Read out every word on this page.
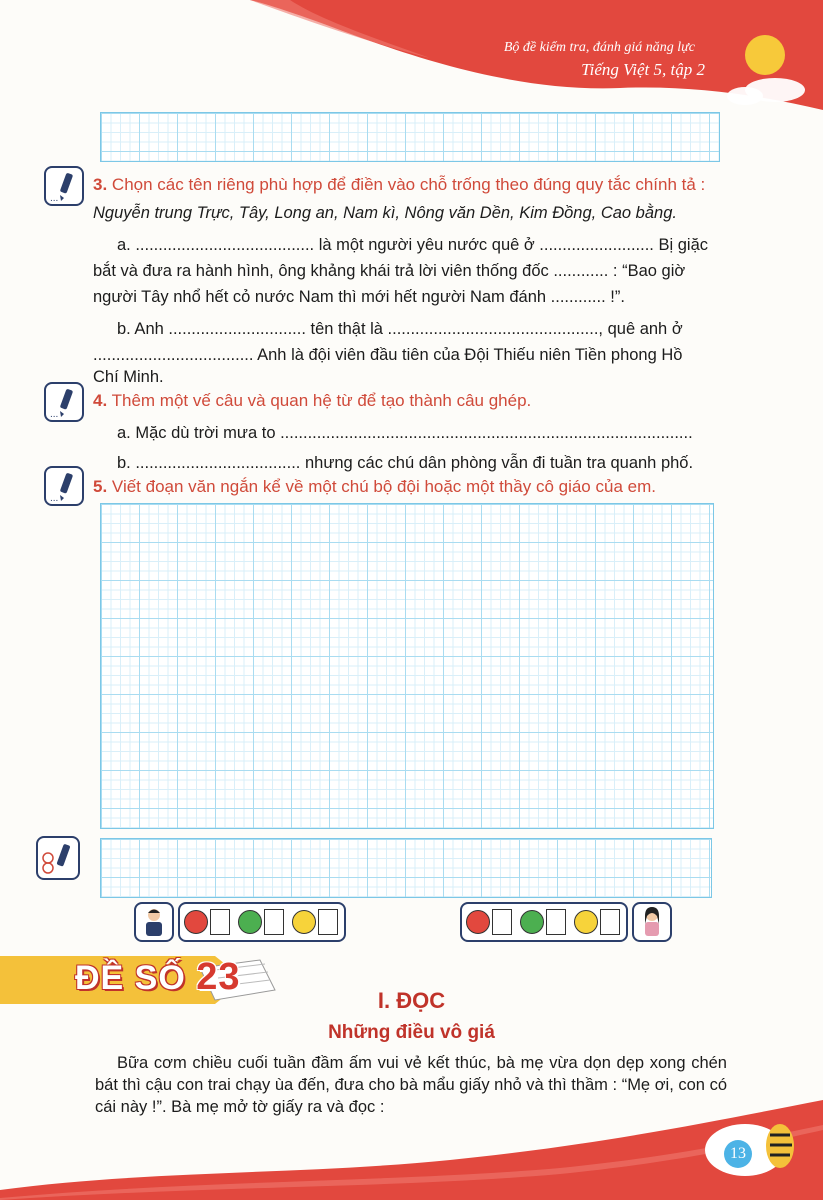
Bộ đề kiểm tra, đánh giá năng lực
Tiếng Việt 5, tập 2
...
3. Chọn các tên riêng phù hợp để điền vào chỗ trống theo đúng quy tắc chính tả :
Nguyễn trung Trực, Tây, Long an, Nam kì, Nông văn Dền, Kim Đồng, Cao bằng.
a. ....................................... là một người yêu nước quê ở ......................... Bị giặc
bắt và đưa ra hành hình, ông khảng khái trả lời viên thống đốc ............ : “Bao giờ
người Tây nhổ hết cỏ nước Nam thì mới hết người Nam đánh ............ !”.
b. Anh .............................. tên thật là .............................................., quê anh ở
................................... Anh là đội viên đầu tiên của Đội Thiếu niên Tiền phong Hồ
Chí Minh.
...
4. Thêm một vế câu và quan hệ từ để tạo thành câu ghép.
a. Mặc dù trời mưa to ..........................................................................................
b. .................................... nhưng các chú dân phòng vẫn đi tuần tra quanh phố.
...
5. Viết đoạn văn ngắn kể về một chú bộ đội hoặc một thầy cô giáo của em.
ĐỀ SỐ 23
I. ĐỌC
Những điều vô giá
Bữa cơm chiều cuối tuần đầm ấm vui vẻ kết thúc, bà mẹ vừa dọn dẹp xong chén bát thì cậu con trai chạy ùa đến, đưa cho bà mẩu giấy nhỏ và thì thầm : “Mẹ ơi, con có cái này !”. Bà mẹ mở tờ giấy ra và đọc :
13
